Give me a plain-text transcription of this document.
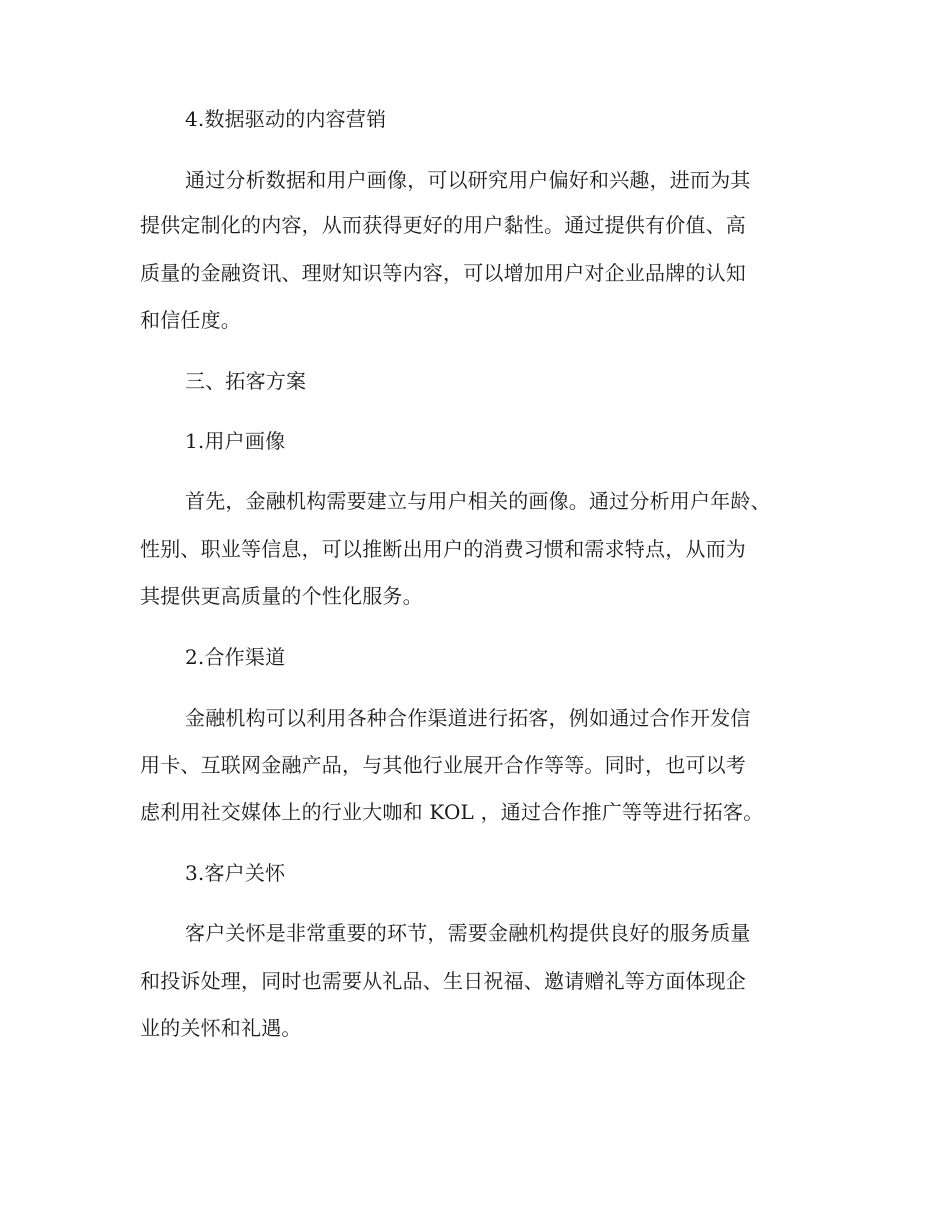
4.数据驱动的内容营销
通过分析数据和用户画像，可以研究用户偏好和兴趣，进而为其
提供定制化的内容，从而获得更好的用户黏性。通过提供有价值、高
质量的金融资讯、理财知识等内容，可以增加用户对企业品牌的认知
和信任度。
三、拓客方案
1.用户画像
首先，金融机构需要建立与用户相关的画像。通过分析用户年龄、
性别、职业等信息，可以推断出用户的消费习惯和需求特点，从而为
其提供更高质量的个性化服务。
2.合作渠道
金融机构可以利用各种合作渠道进行拓客，例如通过合作开发信
用卡、互联网金融产品，与其他行业展开合作等等。同时，也可以考
虑利用社交媒体上的行业大咖和 KOL ，通过合作推广等等进行拓客。
3.客户关怀
客户关怀是非常重要的环节，需要金融机构提供良好的服务质量
和投诉处理，同时也需要从礼品、生日祝福、邀请赠礼等方面体现企
业的关怀和礼遇。
